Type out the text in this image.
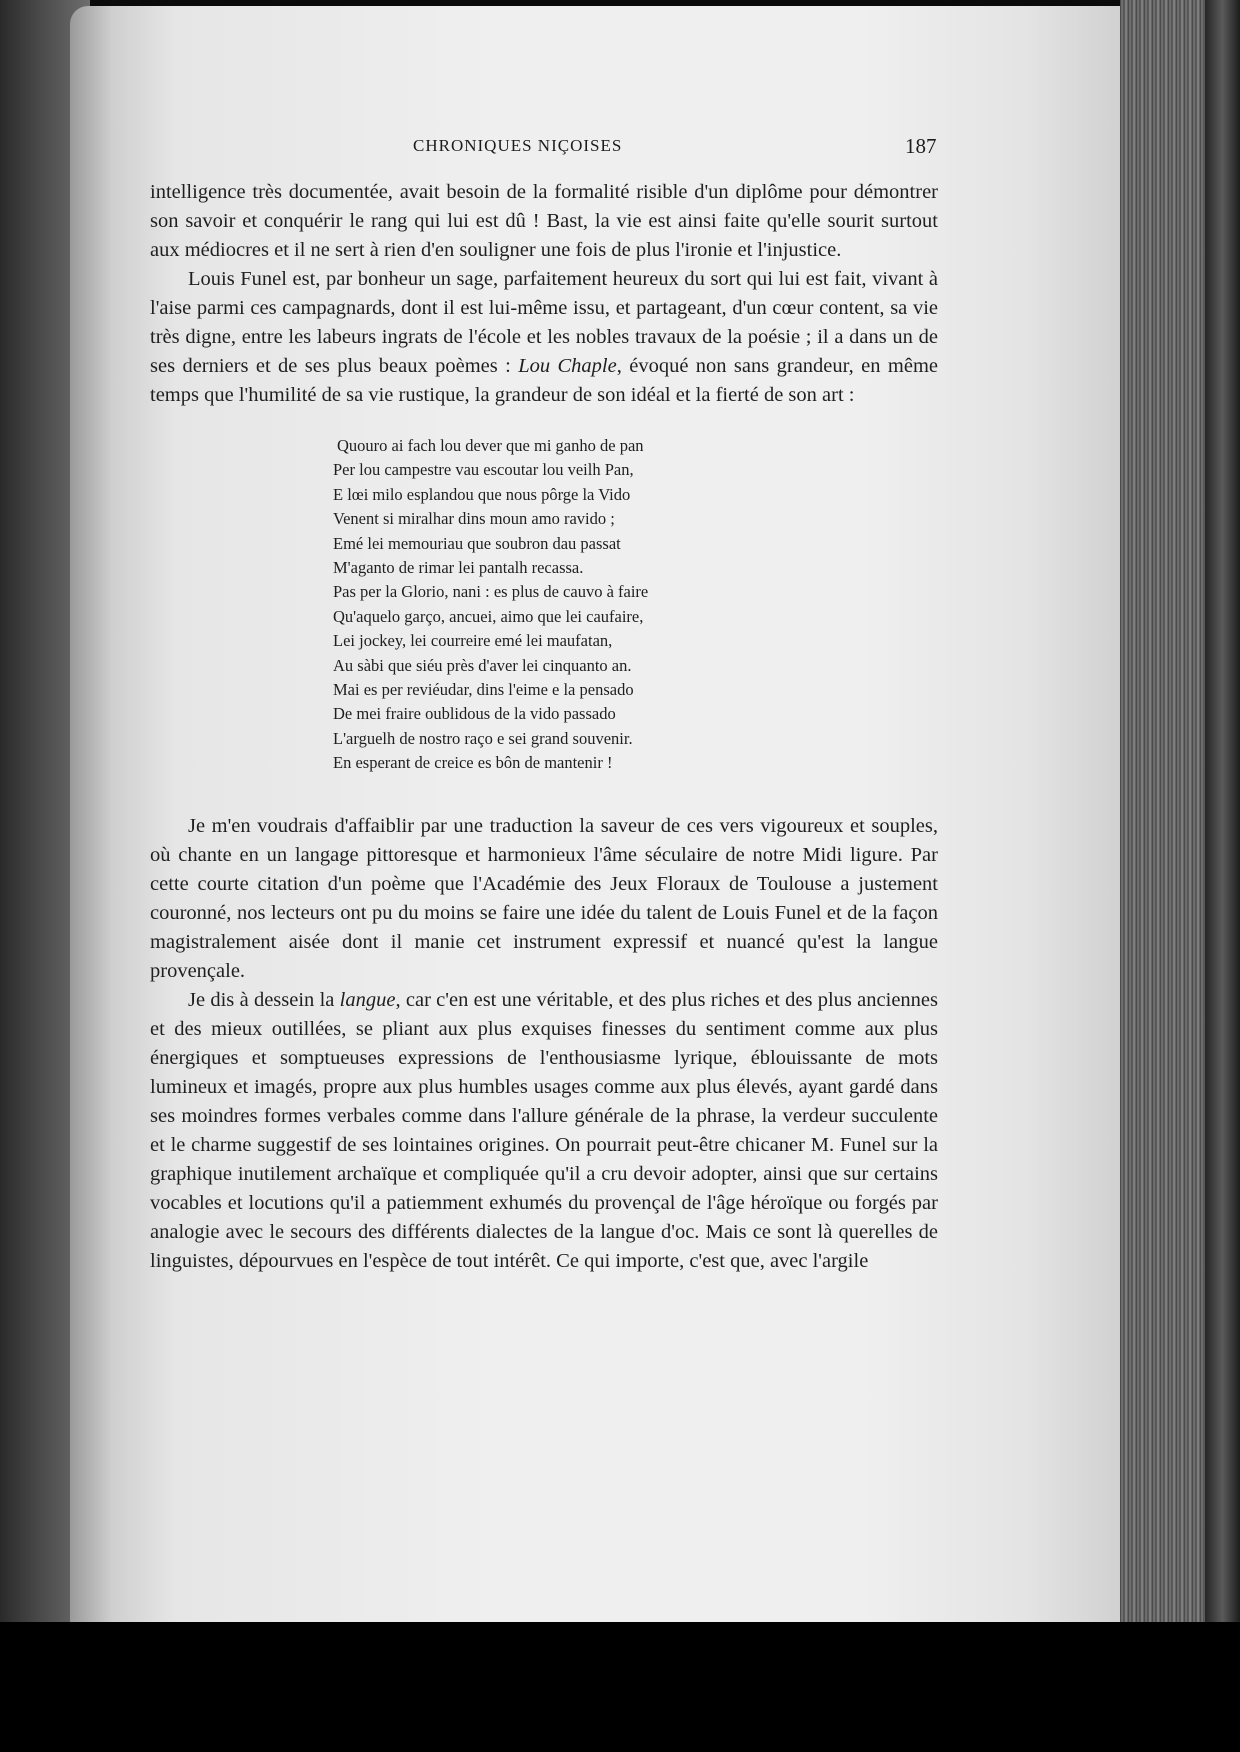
CHRONIQUES NIÇOISES	187

intelligence très documentée, avait besoin de la formalité risible d'un diplôme pour démontrer son savoir et conquérir le rang qui lui est dû ! Bast, la vie est ainsi faite qu'elle sourit surtout aux médiocres et il ne sert à rien d'en souligner une fois de plus l'ironie et l'injustice.

Louis Funel est, par bonheur un sage, parfaitement heureux du sort qui lui est fait, vivant à l'aise parmi ces campagnards, dont il est lui-même issu, et partageant, d'un cœur content, sa vie très digne, entre les labeurs ingrats de l'école et les nobles travaux de la poésie ; il a dans un de ses derniers et de ses plus beaux poèmes : Lou Chaple, évoqué non sans grandeur, en même temps que l'humilité de sa vie rustique, la grandeur de son idéal et la fierté de son art :

Quouro ai fach lou dever que mi ganho de pan
Per lou campestre vau escoutar lou veilh Pan,
E lœi milo esplandou que nous pôrge la Vido
Venent si miralhar dins moun amo ravido ;
Emé lei memouriau que soubron dau passat
M'aganto de rimar lei pantalh recassa.
Pas per la Glorio, nani : es plus de cauvo à faire
Qu'aquelo garço, ancuei, aimo que lei caufaire,
Lei jockey, lei courreire emé lei maufatan,
Au sàbi que siéu près d'aver lei cinquanto an.
Mai es per reviéudar, dins l'eime e la pensado
De mei fraire oublidous de la vido passado
L'arguelh de nostro raço e sei grand souvenir.
En esperant de creice es bôn de mantenir !

Je m'en voudrais d'affaiblir par une traduction la saveur de ces vers vigoureux et souples, où chante en un langage pittoresque et harmonieux l'âme séculaire de notre Midi ligure. Par cette courte citation d'un poème que l'Académie des Jeux Floraux de Toulouse a justement couronné, nos lecteurs ont pu du moins se faire une idée du talent de Louis Funel et de la façon magistralement aisée dont il manie cet instrument expressif et nuancé qu'est la langue provençale.

Je dis à dessein la langue, car c'en est une véritable, et des plus riches et des plus anciennes et des mieux outillées, se pliant aux plus exquises finesses du sentiment comme aux plus énergiques et somptueuses expressions de l'enthousiasme lyrique, éblouissante de mots lumineux et imagés, propre aux plus humbles usages comme aux plus élevés, ayant gardé dans ses moindres formes verbales comme dans l'allure générale de la phrase, la verdeur succulente et le charme suggestif de ses lointaines origines. On pourrait peut-être chicaner M. Funel sur la graphique inutilement archaïque et compliquée qu'il a cru devoir adopter, ainsi que sur certains vocables et locutions qu'il a patiemment exhumés du provençal de l'âge héroïque ou forgés par analogie avec le secours des différents dialectes de la langue d'oc. Mais ce sont là querelles de linguistes, dépourvues en l'espèce de tout intérêt. Ce qui importe, c'est que, avec l'argile
